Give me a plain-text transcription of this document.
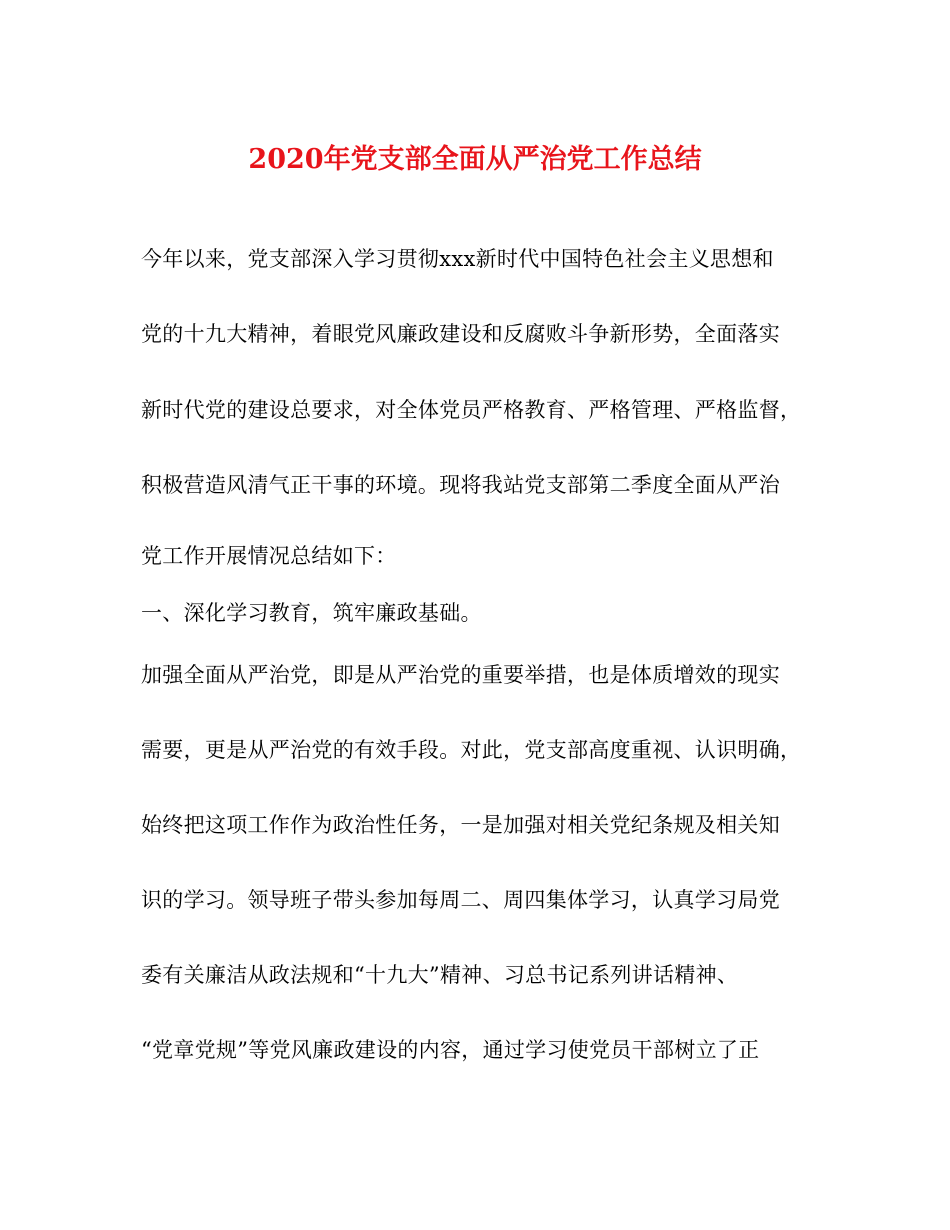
2020年党支部全面从严治党工作总结
今年以来，党支部深入学习贯彻xxx新时代中国特色社会主义思想和
党的十九大精神，着眼党风廉政建设和反腐败斗争新形势，全面落实
新时代党的建设总要求，对全体党员严格教育、严格管理、严格监督，
积极营造风清气正干事的环境。现将我站党支部第二季度全面从严治
党工作开展情况总结如下：
一、深化学习教育，筑牢廉政基础。
加强全面从严治党，即是从严治党的重要举措，也是体质增效的现实
需要，更是从严治党的有效手段。对此，党支部高度重视、认识明确，
始终把这项工作作为政治性任务，一是加强对相关党纪条规及相关知
识的学习。领导班子带头参加每周二、周四集体学习，认真学习局党
委有关廉洁从政法规和“十九大”精神、习总书记系列讲话精神、
“党章党规”等党风廉政建设的内容，通过学习使党员干部树立了正
